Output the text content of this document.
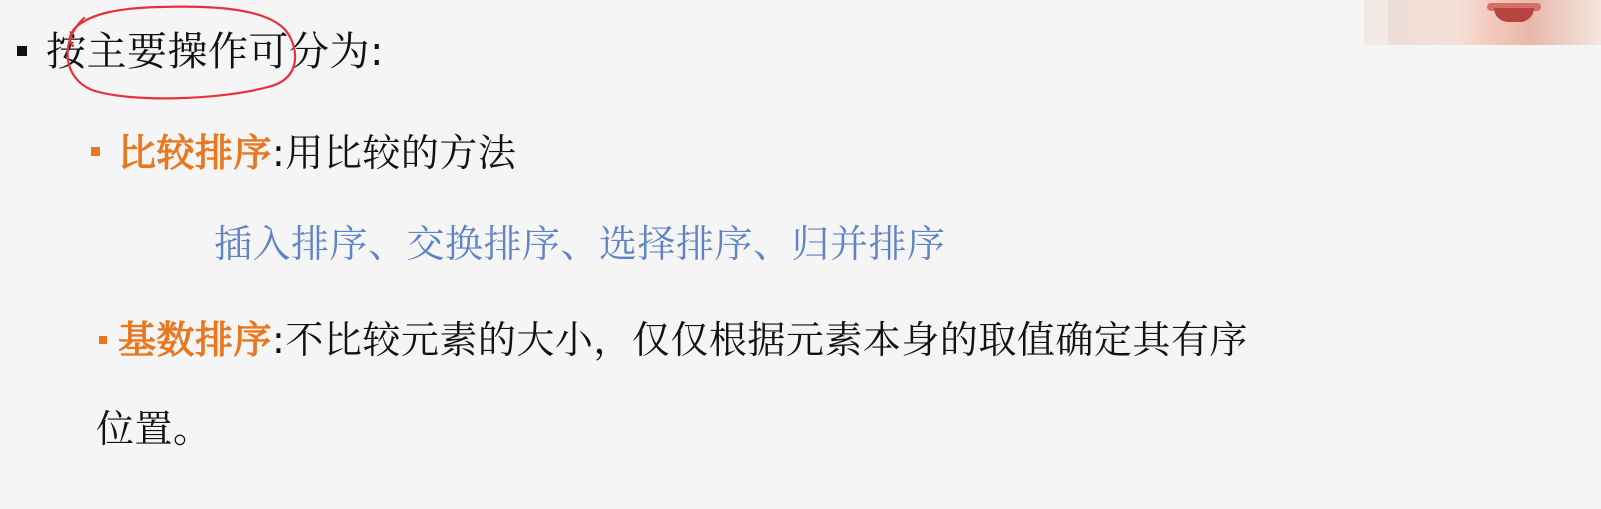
按主要操作可分为:
比较排序:用比较的方法
插入排序、交换排序、选择排序、归并排序
基数排序:不比较元素的大小，仅仅根据元素本身的取值确定其有序
位置。
